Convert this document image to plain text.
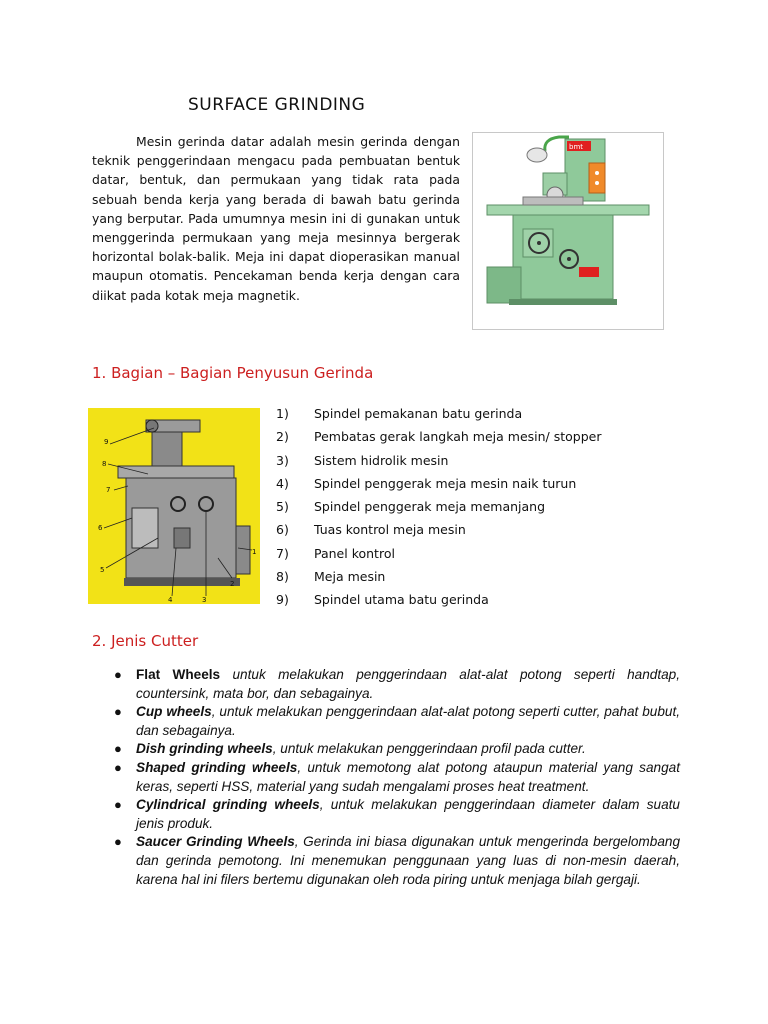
SURFACE GRINDING
Mesin gerinda datar adalah mesin gerinda dengan teknik penggerindaan mengacu pada pembuatan bentuk datar, bentuk, dan permukaan yang tidak rata pada sebuah benda kerja yang berada di bawah batu gerinda yang berputar. Pada umumnya mesin ini di gunakan untuk menggerinda permukaan yang meja mesinnya bergerak horizontal bolak-balik. Meja ini dapat dioperasikan manual maupun otomatis. Pencekaman benda kerja dengan cara diikat pada kotak meja magnetik.
bmt
1. Bagian – Bagian Penyusun Gerinda
9
8
7
6
5
4	3
2
1
1)	Spindel pemakanan batu gerinda
2)	Pembatas gerak langkah meja mesin/ stopper
3)	Sistem hidrolik mesin
4)	Spindel penggerak meja mesin naik turun
5)	Spindel penggerak meja memanjang
6)	Tuas kontrol meja mesin
7)	Panel kontrol
8)	Meja mesin
9)	Spindel utama batu gerinda
2. Jenis Cutter
● Flat Wheels untuk melakukan penggerindaan alat-alat potong seperti handtap, countersink, mata bor, dan sebagainya.
● Cup wheels, untuk melakukan penggerindaan alat-alat potong seperti cutter, pahat bubut, dan sebagainya.
● Dish grinding wheels, untuk melakukan penggerindaan profil pada cutter.
● Shaped grinding wheels, untuk memotong alat potong ataupun material yang sangat keras, seperti HSS, material yang sudah mengalami proses heat treatment.
● Cylindrical grinding wheels, untuk melakukan penggerindaan diameter dalam suatu jenis produk.
● Saucer Grinding Wheels, Gerinda ini biasa digunakan untuk mengerinda bergelombang dan gerinda pemotong. Ini menemukan penggunaan yang luas di non-mesin daerah, karena hal ini filers bertemu digunakan oleh roda piring untuk menjaga bilah gergaji.
